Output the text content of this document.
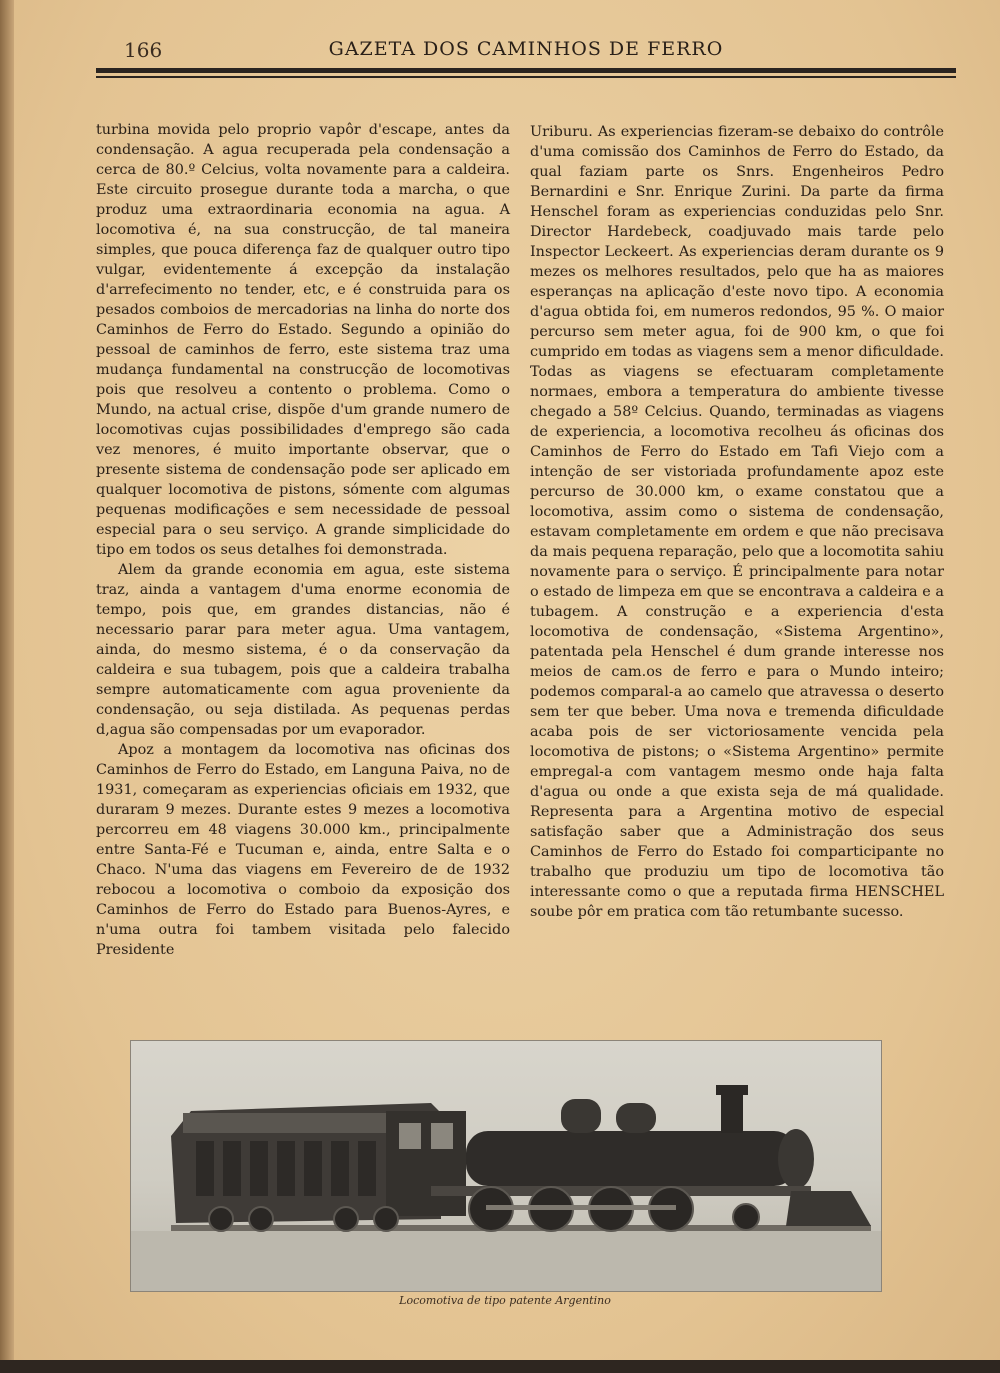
166	GAZETA DOS CAMINHOS DE FERRO

turbina movida pelo proprio vapôr d'escape, antes da condensação. A agua recuperada pela condensação a cerca de 80.º Celcius, volta novamente para a caldeira. Este circuito prosegue durante toda a marcha, o que produz uma extraordinaria economia na agua. A locomotiva é, na sua construcção, de tal maneira simples, que pouca diferença faz de qualquer outro tipo vulgar, evidentemente á excepção da instalação d'arrefecimento no tender, etc, e é construida para os pesados comboios de mercadorias na linha do norte dos Caminhos de Ferro do Estado. Segundo a opinião do pessoal de caminhos de ferro, este sistema traz uma mudança fundamental na construcção de locomotivas pois que resolveu a contento o problema. Como o Mundo, na actual crise, dispõe d'um grande numero de locomotivas cujas possibilidades d'emprego são cada vez menores, é muito importante observar, que o presente sistema de condensação pode ser aplicado em qualquer locomotiva de pistons, sómente com algumas pequenas modificações e sem necessidade de pessoal especial para o seu serviço. A grande simplicidade do tipo em todos os seus detalhes foi demonstrada.

Alem da grande economia em agua, este sistema traz, ainda a vantagem d'uma enorme economia de tempo, pois que, em grandes distancias, não é necessario parar para meter agua. Uma vantagem, ainda, do mesmo sistema, é o da conservação da caldeira e sua tubagem, pois que a caldeira trabalha sempre automaticamente com agua proveniente da condensação, ou seja distilada. As pequenas perdas d,agua são compensadas por um evaporador.

Apoz a montagem da locomotiva nas oficinas dos Caminhos de Ferro do Estado, em Languna Paiva, no de 1931, começaram as experiencias oficiais em 1932, que duraram 9 mezes. Durante estes 9 mezes a locomotiva percorreu em 48 viagens 30.000 km., principalmente entre Santa-Fé e Tucuman e, ainda, entre Salta e o Chaco. N'uma das viagens em Fevereiro de de 1932 rebocou a locomotiva o comboio da exposição dos Caminhos de Ferro do Estado para Buenos-Ayres, e n'uma outra foi tambem visitada pelo falecido Presidente

Uriburu. As experiencias fizeram-se debaixo do contrôle d'uma comissão dos Caminhos de Ferro do Estado, da qual faziam parte os Snrs. Engenheiros Pedro Bernardini e Snr. Enrique Zurini. Da parte da firma Henschel foram as experiencias conduzidas pelo Snr. Director Hardebeck, coadjuvado mais tarde pelo Inspector Leckeert. As experiencias deram durante os 9 mezes os melhores resultados, pelo que ha as maiores esperanças na aplicação d'este novo tipo. A economia d'agua obtida foi, em numeros redondos, 95 %. O maior percurso sem meter agua, foi de 900 km, o que foi cumprido em todas as viagens sem a menor dificuldade. Todas as viagens se efectuaram completamente normaes, embora a temperatura do ambiente tivesse chegado a 58º Celcius. Quando, terminadas as viagens de experiencia, a locomotiva recolheu ás oficinas dos Caminhos de Ferro do Estado em Tafi Viejo com a intenção de ser vistoriada profundamente apoz este percurso de 30.000 km, o exame constatou que a locomotiva, assim como o sistema de condensação, estavam completamente em ordem e que não precisava da mais pequena reparação, pelo que a locomotita sahiu novamente para o serviço. É principalmente para notar o estado de limpeza em que se encontrava a caldeira e a tubagem. A construção e a experiencia d'esta locomotiva de condensação, «Sistema Argentino», patentada pela Henschel é dum grande interesse nos meios de cam.os de ferro e para o Mundo inteiro; podemos comparal-a ao camelo que atravessa o deserto sem ter que beber. Uma nova e tremenda dificuldade acaba pois de ser victoriosamente vencida pela locomotiva de pistons; o «Sistema Argentino» permite empregal-a com vantagem mesmo onde haja falta d'agua ou onde a que exista seja de má qualidade. Representa para a Argentina motivo de especial satisfação saber que a Administração dos seus Caminhos de Ferro do Estado foi comparticipante no trabalho que produziu um tipo de locomotiva tão interessante como o que a reputada firma HENSCHEL soube pôr em pratica com tão retumbante sucesso.

Locomotiva de tipo patente Argentino
